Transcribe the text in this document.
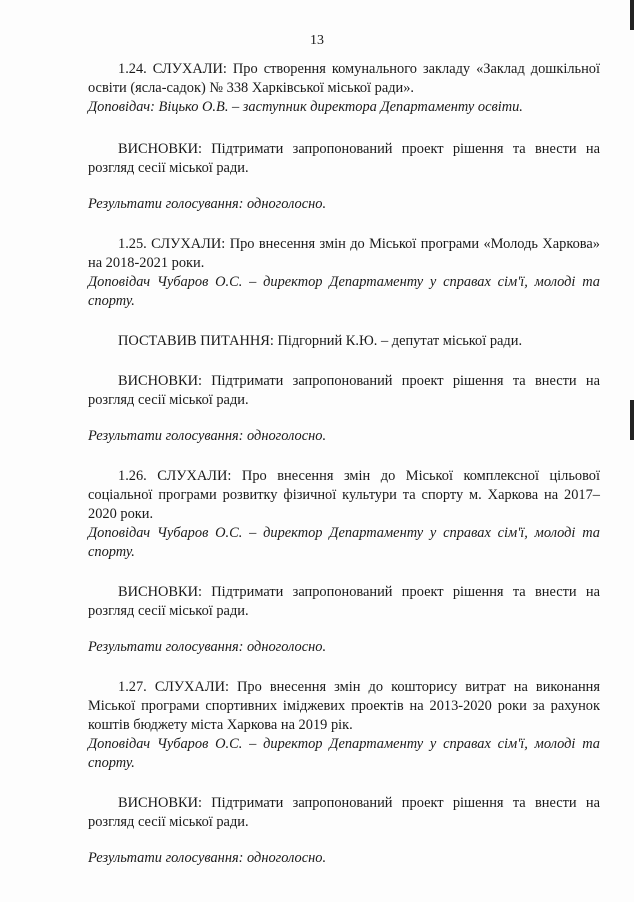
13

1.24. СЛУХАЛИ: Про створення комунального закладу «Заклад дошкільної освіти (ясла-садок) № 338 Харківської міської ради».

Доповідач: Віцько О.В. – заступник директора Департаменту освіти.

ВИСНОВКИ: Підтримати запропонований проект рішення та внести на розгляд сесії міської ради.

Результати голосування: одноголосно.

1.25. СЛУХАЛИ: Про внесення змін до Міської програми «Молодь Харкова» на 2018-2021 роки.

Доповідач Чубаров О.С. – директор Департаменту у справах сім'ї, молоді та спорту.

ПОСТАВИВ ПИТАННЯ: Підгорний К.Ю. – депутат міської ради.

ВИСНОВКИ: Підтримати запропонований проект рішення та внести на розгляд сесії міської ради.

Результати голосування: одноголосно.

1.26. СЛУХАЛИ: Про внесення змін до Міської комплексної цільової соціальної програми розвитку фізичної культури та спорту м. Харкова на 2017–2020 роки.

Доповідач Чубаров О.С. – директор Департаменту у справах сім'ї, молоді та спорту.

ВИСНОВКИ: Підтримати запропонований проект рішення та внести на розгляд сесії міської ради.

Результати голосування: одноголосно.

1.27. СЛУХАЛИ: Про внесення змін до кошторису витрат на виконання Міської програми спортивних іміджевих проектів на 2013-2020 роки за рахунок коштів бюджету міста Харкова на 2019 рік.

Доповідач Чубаров О.С. – директор Департаменту у справах сім'ї, молоді та спорту.

ВИСНОВКИ: Підтримати запропонований проект рішення та внести на розгляд сесії міської ради.

Результати голосування: одноголосно.
